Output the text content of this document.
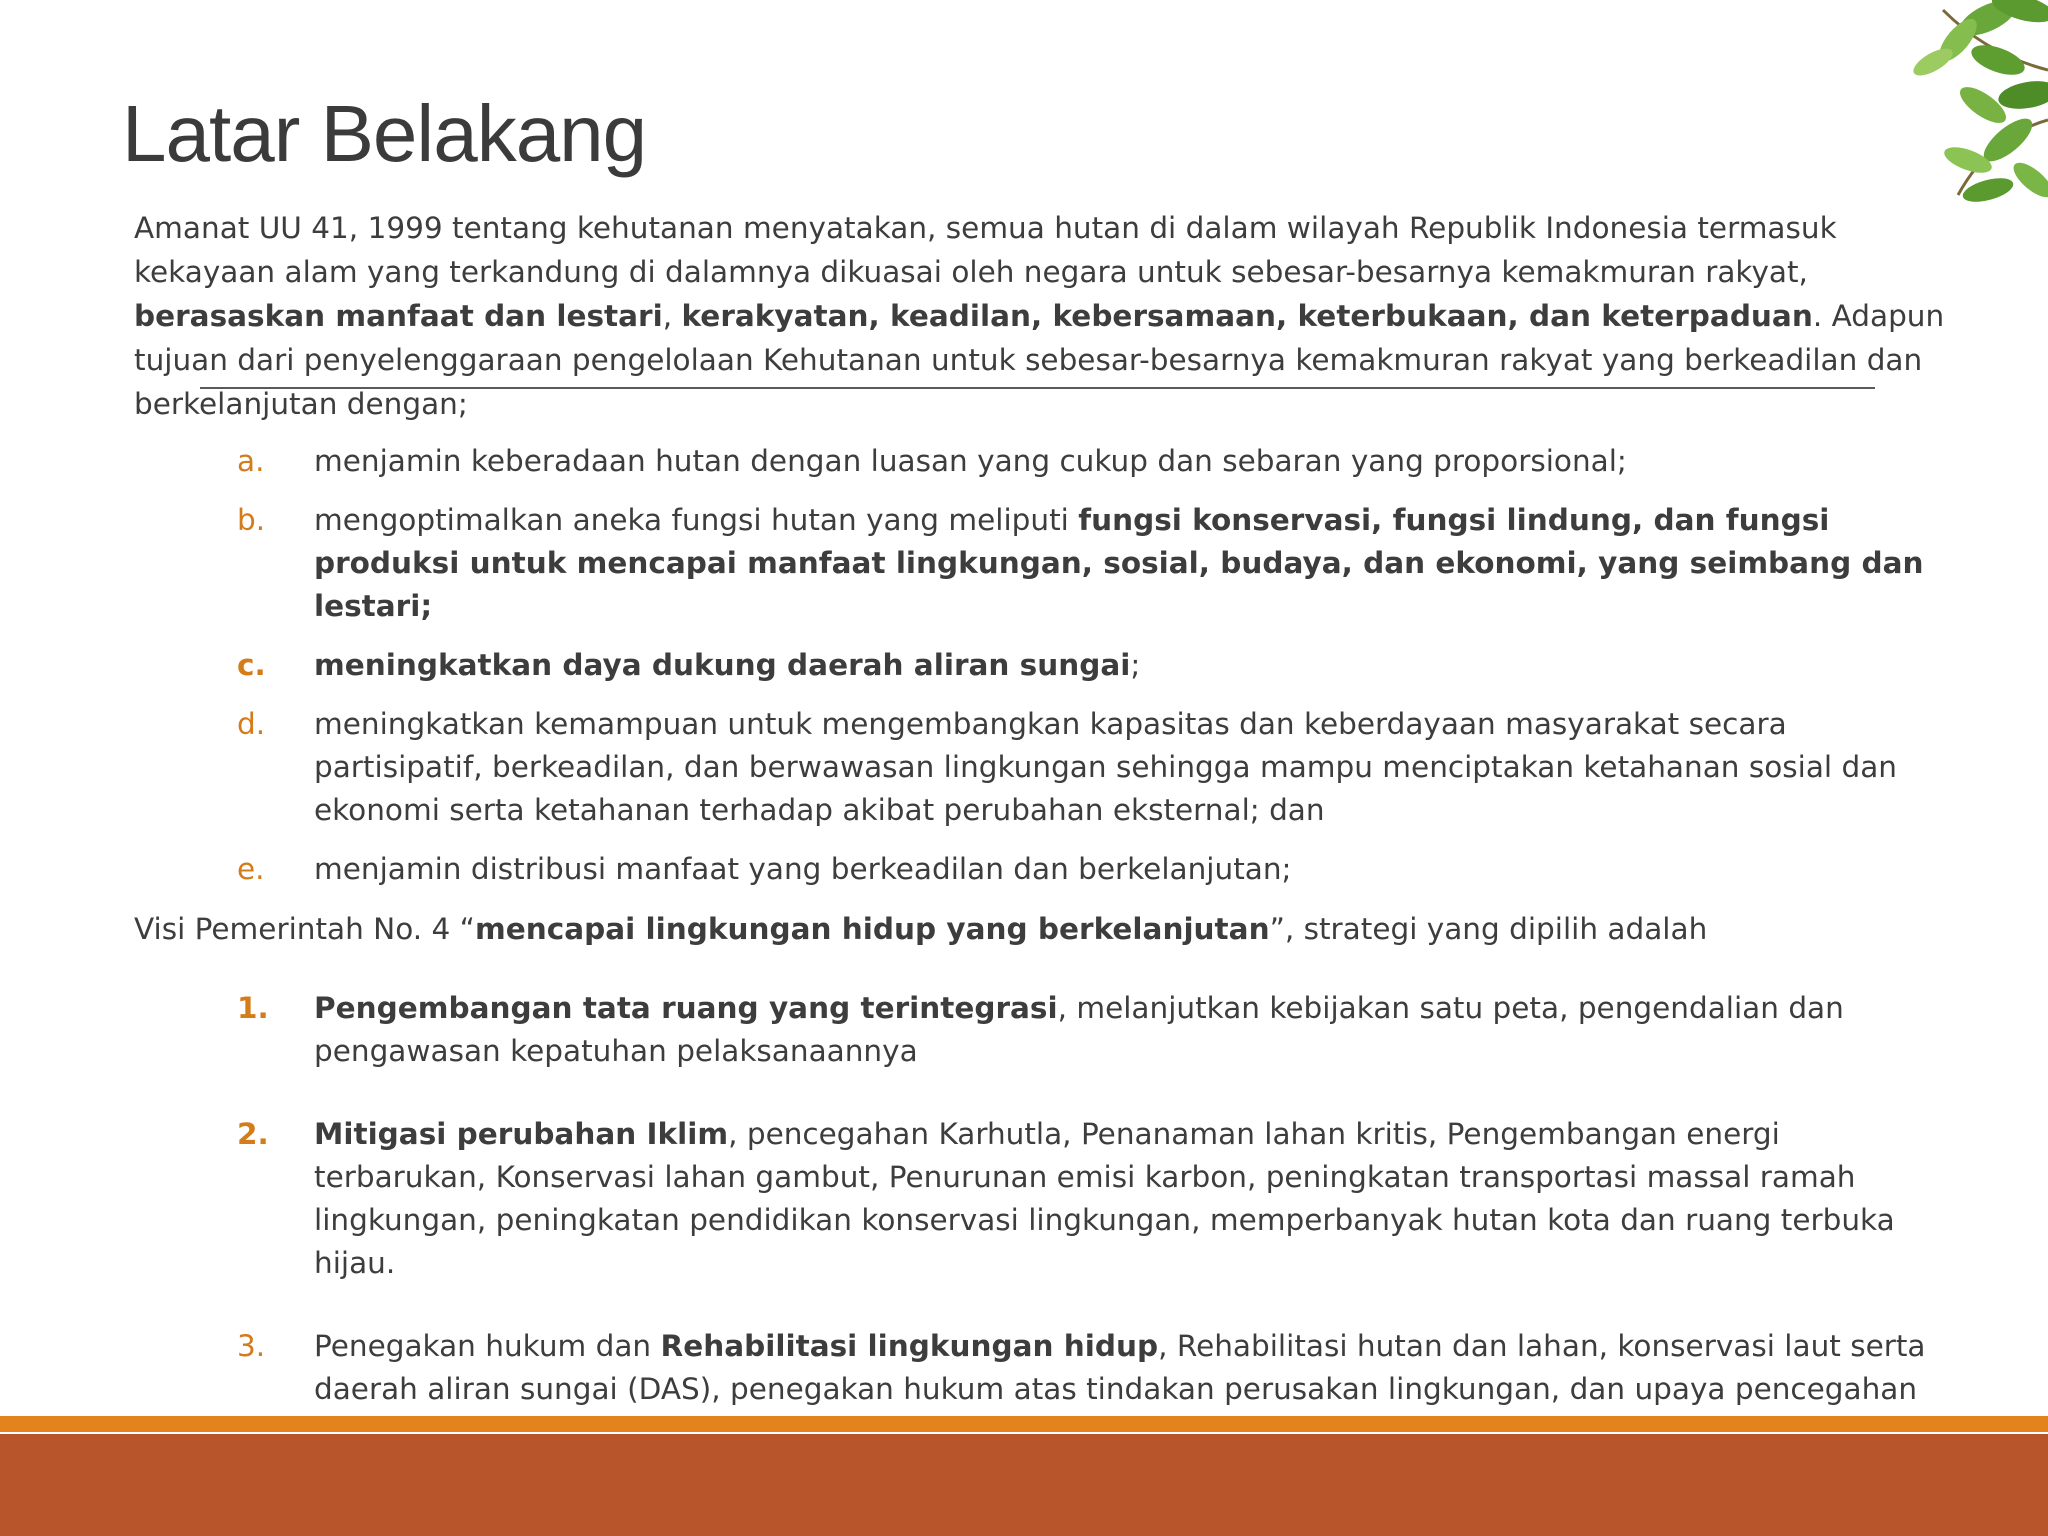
Latar Belakang

Amanat UU 41, 1999 tentang kehutanan menyatakan, semua hutan di dalam wilayah Republik Indonesia termasuk kekayaan alam yang terkandung di dalamnya dikuasai oleh negara untuk sebesar-besarnya kemakmuran rakyat, berasaskan manfaat dan lestari, kerakyatan, keadilan, kebersamaan, keterbukaan, dan keterpaduan. Adapun tujuan dari penyelenggaraan pengelolaan Kehutanan untuk sebesar-besarnya kemakmuran rakyat yang berkeadilan dan berkelanjutan dengan;

a. menjamin keberadaan hutan dengan luasan yang cukup dan sebaran yang proporsional;
b. mengoptimalkan aneka fungsi hutan yang meliputi fungsi konservasi, fungsi lindung, dan fungsi produksi untuk mencapai manfaat lingkungan, sosial, budaya, dan ekonomi, yang seimbang dan lestari;
c. meningkatkan daya dukung daerah aliran sungai;
d. meningkatkan kemampuan untuk mengembangkan kapasitas dan keberdayaan masyarakat secara partisipatif, berkeadilan, dan berwawasan lingkungan sehingga mampu menciptakan ketahanan sosial dan ekonomi serta ketahanan terhadap akibat perubahan eksternal; dan
e. menjamin distribusi manfaat yang berkeadilan dan berkelanjutan;

Visi Pemerintah No. 4 “mencapai lingkungan hidup yang berkelanjutan”, strategi yang dipilih adalah

1. Pengembangan tata ruang yang terintegrasi, melanjutkan kebijakan satu peta, pengendalian dan pengawasan kepatuhan pelaksanaannya
2. Mitigasi perubahan Iklim, pencegahan Karhutla, Penanaman lahan kritis, Pengembangan energi terbarukan, Konservasi lahan gambut, Penurunan emisi karbon, peningkatan transportasi massal ramah lingkungan, peningkatan pendidikan konservasi lingkungan, memperbanyak hutan kota dan ruang terbuka hijau.
3. Penegakan hukum dan Rehabilitasi lingkungan hidup, Rehabilitasi hutan dan lahan, konservasi laut serta daerah aliran sungai (DAS), penegakan hukum atas tindakan perusakan lingkungan, dan upaya pencegahan
